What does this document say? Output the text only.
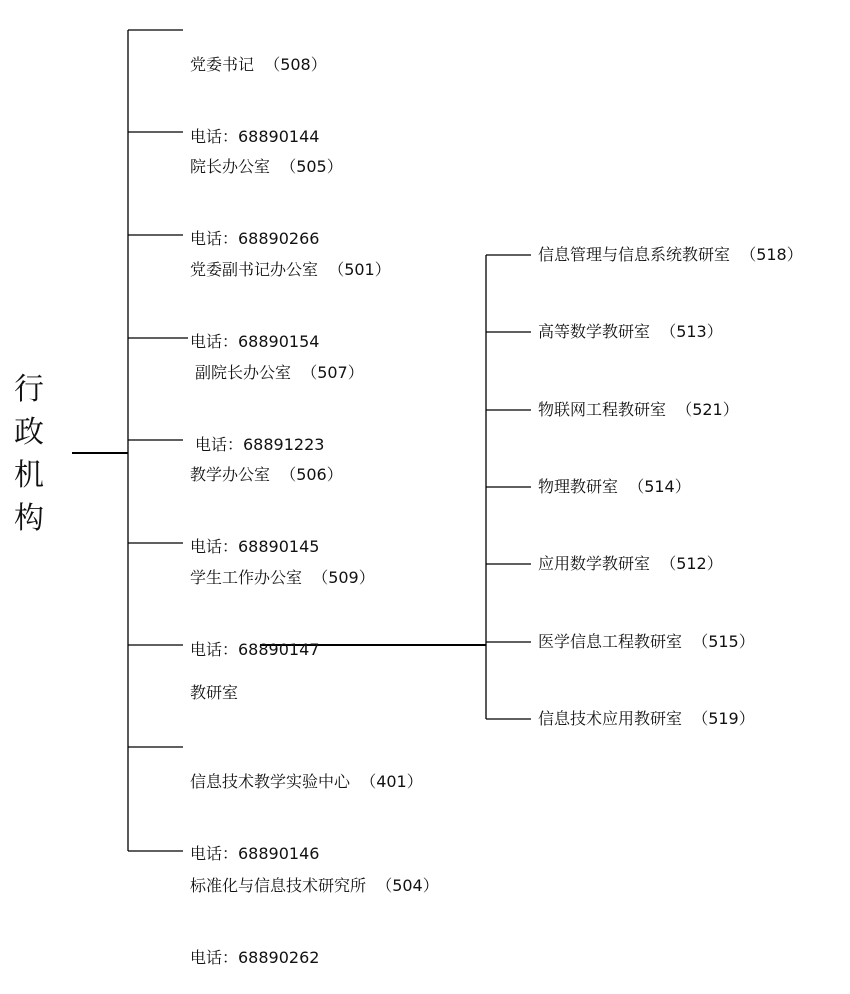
行
政
机
构

党委书记 （508）

电话：68890144

院长办公室 （505）

电话：68890266

党委副书记办公室 （501）

电话：68890154

副院长办公室 （507）

电话：68891223

教学办公室 （506）

电话：68890145

学生工作办公室 （509）

电话：68890147

教研室

信息技术教学实验中心 （401）

电话：68890146

标准化与信息技术研究所 （504）

电话：68890262

信息管理与信息系统教研室 （518）
高等数学教研室 （513）
物联网工程教研室 （521）
物理教研室 （514）
应用数学教研室 （512）
医学信息工程教研室 （515）
信息技术应用教研室 （519）
